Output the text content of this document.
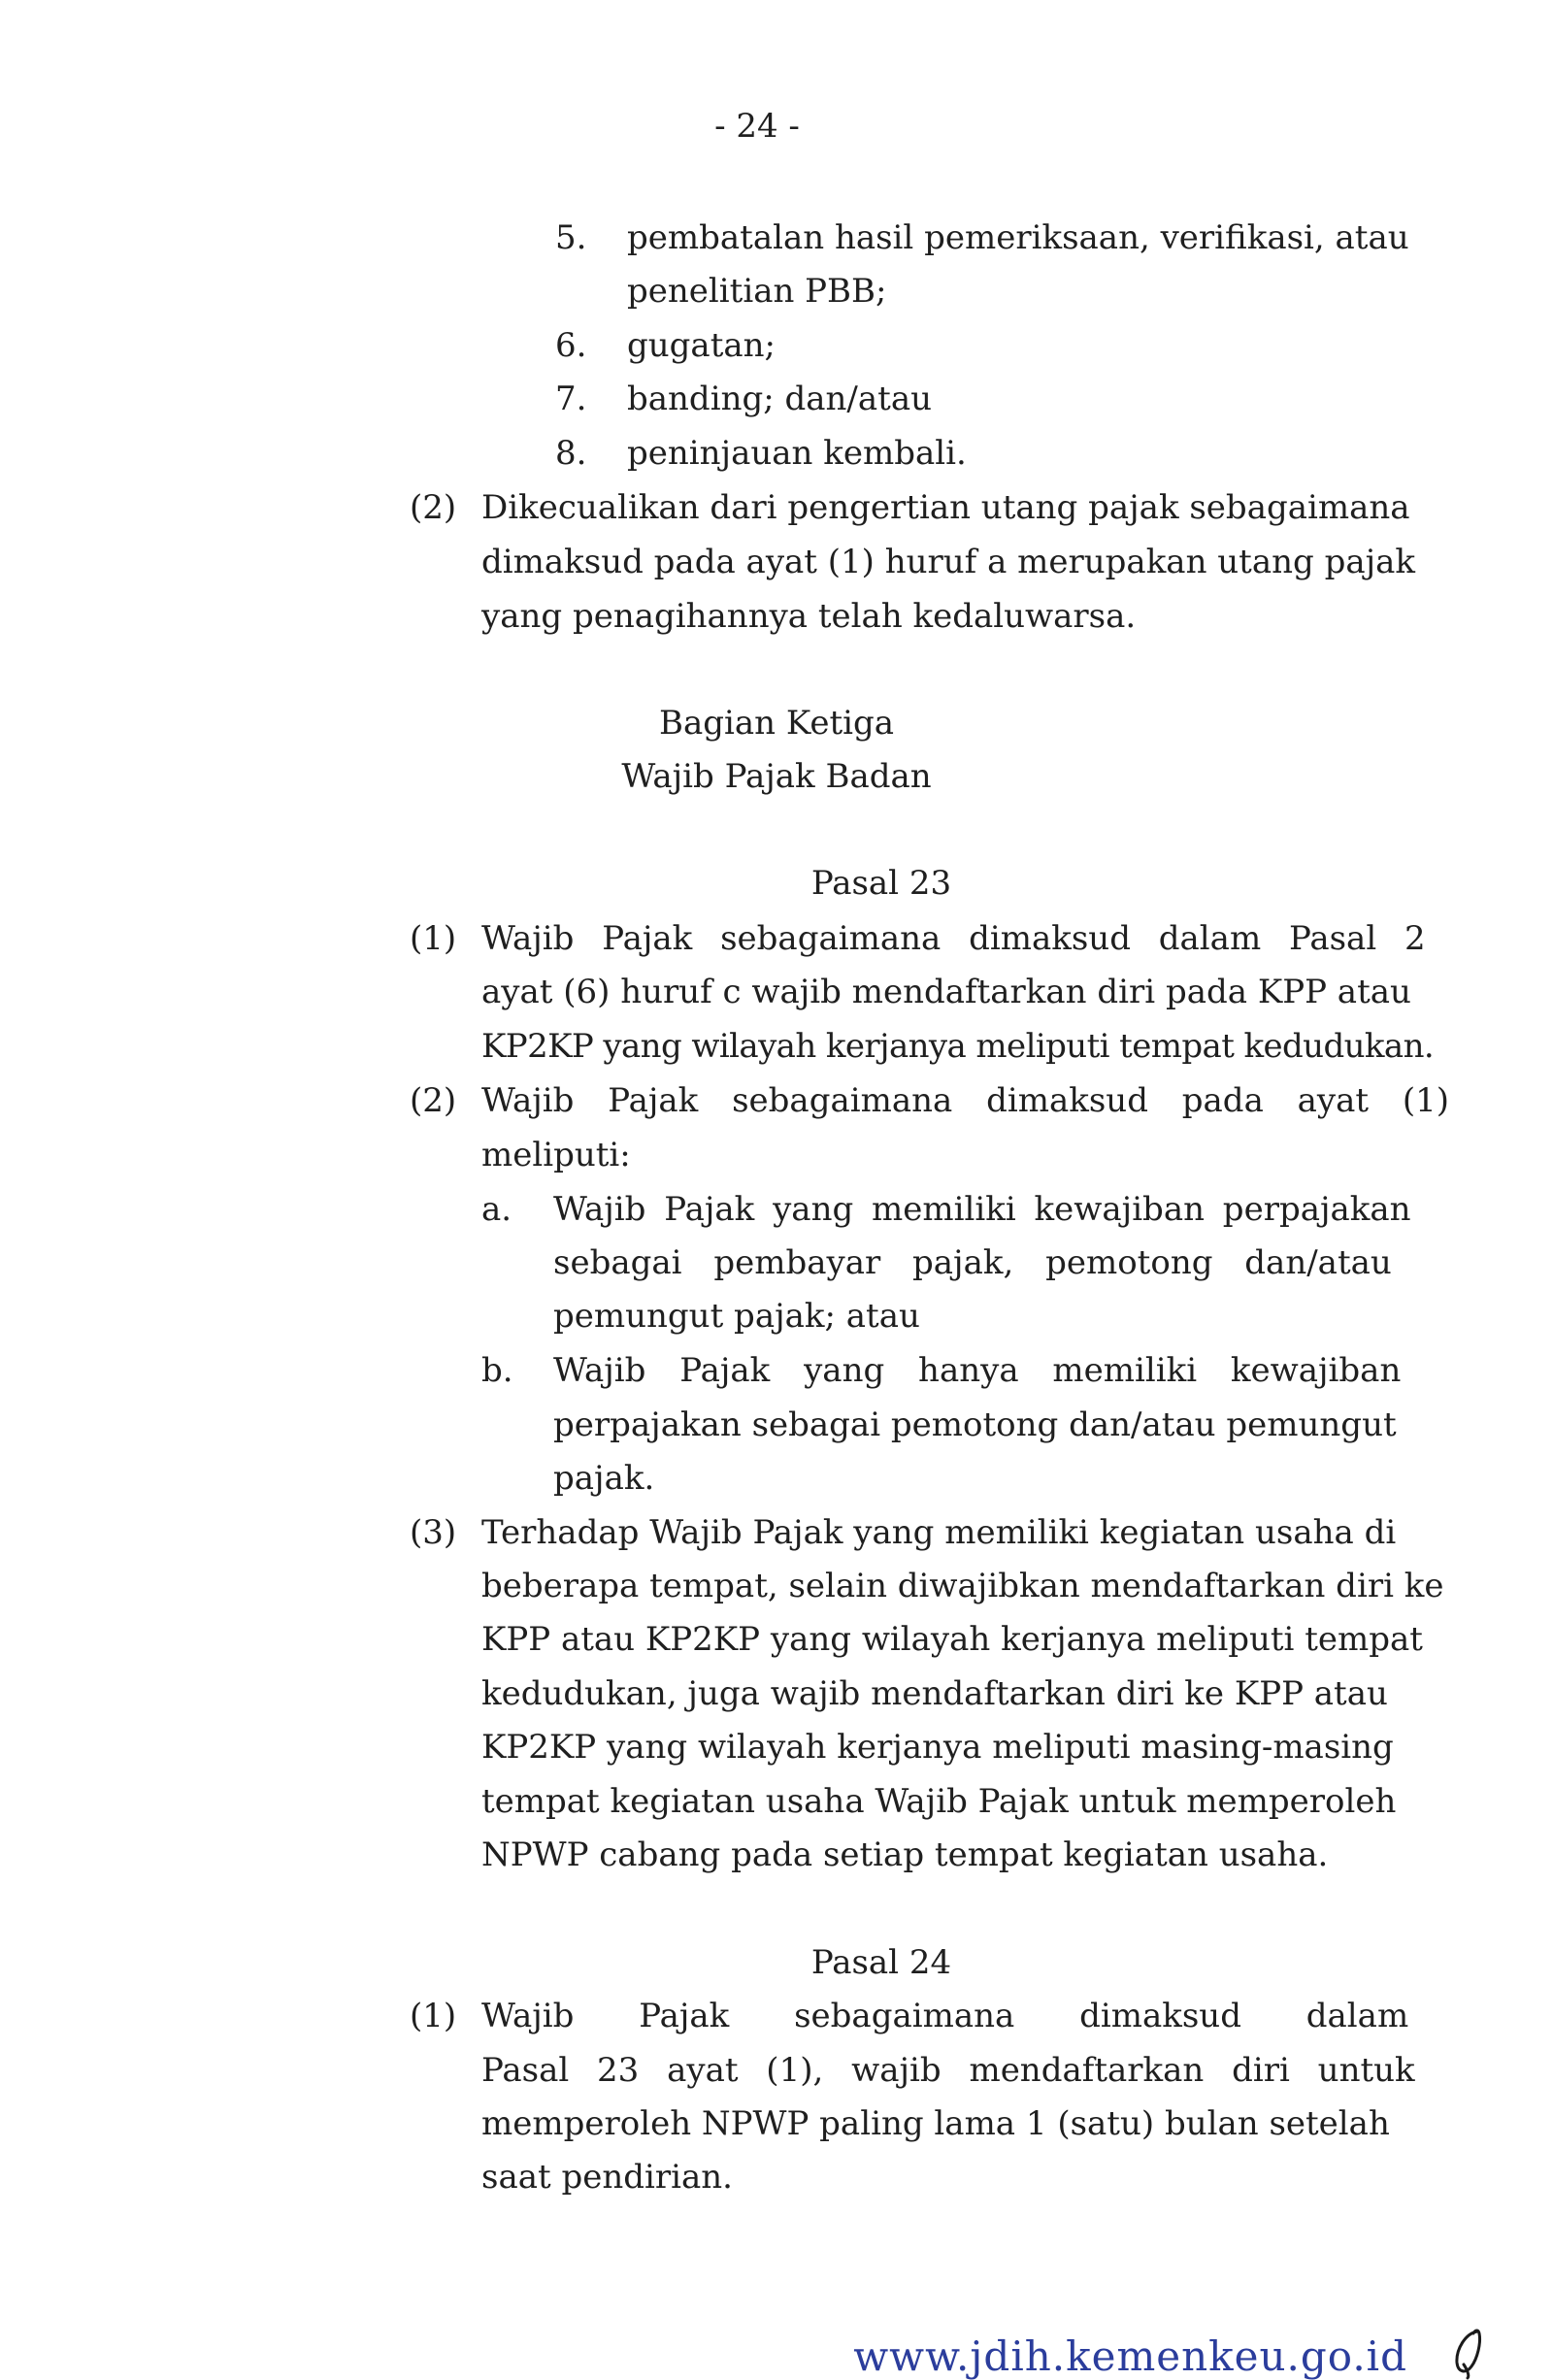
- 24 -
5. pembatalan hasil pemeriksaan, verifikasi, atau
penelitian PBB;
6. gugatan;
7. banding; dan/atau
8. peninjauan kembali.
(2) Dikecualikan dari pengertian utang pajak sebagaimana
dimaksud pada ayat (1) huruf a merupakan utang pajak
yang penagihannya telah kedaluwarsa.
Bagian Ketiga
Wajib Pajak Badan
Pasal 23
(1) Wajib Pajak sebagaimana dimaksud dalam Pasal 2
ayat (6) huruf c wajib mendaftarkan diri pada KPP atau
KP2KP yang wilayah kerjanya meliputi tempat kedudukan.
(2) Wajib Pajak sebagaimana dimaksud pada ayat (1)
meliputi:
a. Wajib Pajak yang memiliki kewajiban perpajakan
sebagai pembayar pajak, pemotong dan/atau
pemungut pajak; atau
b. Wajib Pajak yang hanya memiliki kewajiban
perpajakan sebagai pemotong dan/atau pemungut
pajak.
(3) Terhadap Wajib Pajak yang memiliki kegiatan usaha di
beberapa tempat, selain diwajibkan mendaftarkan diri ke
KPP atau KP2KP yang wilayah kerjanya meliputi tempat
kedudukan, juga wajib mendaftarkan diri ke KPP atau
KP2KP yang wilayah kerjanya meliputi masing-masing
tempat kegiatan usaha Wajib Pajak untuk memperoleh
NPWP cabang pada setiap tempat kegiatan usaha.
Pasal 24
(1) Wajib Pajak sebagaimana dimaksud dalam
Pasal 23 ayat (1), wajib mendaftarkan diri untuk
memperoleh NPWP paling lama 1 (satu) bulan setelah
saat pendirian.
www.jdih.kemenkeu.go.id
